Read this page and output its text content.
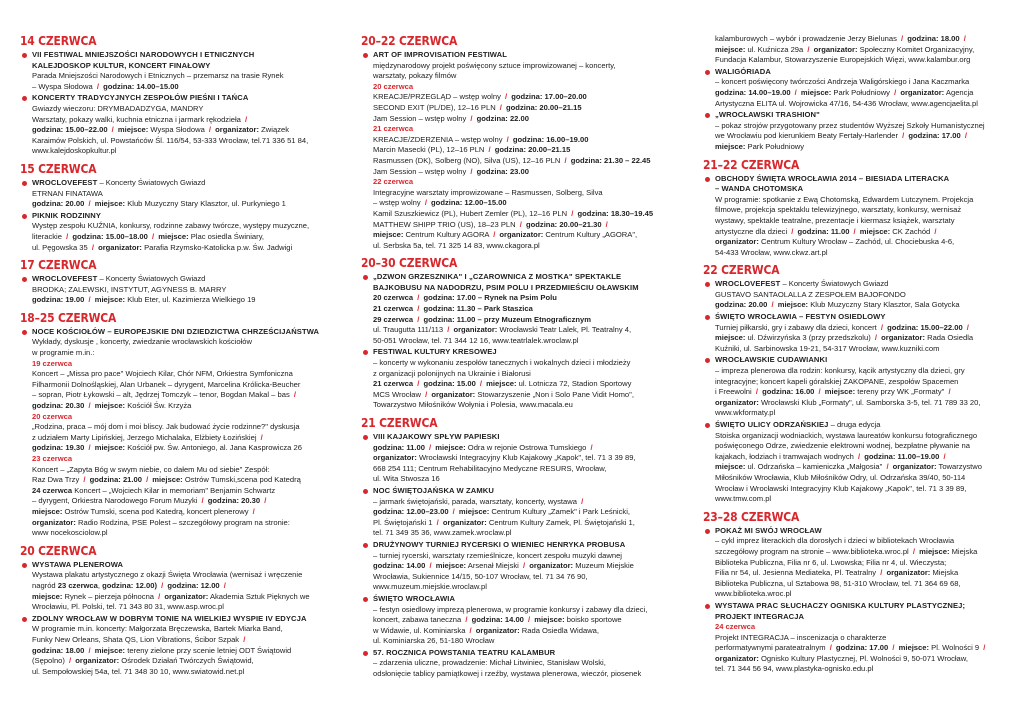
14 CZERWCA
VII FESTIWAL MNIEJSZOŚCI NARODOWYCH I ETNICZNYCH
KALEJDOSKOP KULTUR, KONCERT FINAŁOWY
Parada Mniejszości Narodowych i Etnicznych – przemarsz na trasie Rynek
– Wyspa Słodowa / godzina: 14.00–15.00
KONCERTY TRADYCYJNYCH ZESPOŁÓW PIEŚNI I TAŃCA
Gwiazdy wieczoru: DRYMBADADZYGA, MANDRY
Warsztaty, pokazy walki, kuchnia etniczna i jarmark rękodzieła /
godzina: 15.00–22.00 / miejsce: Wyspa Słodowa / organizator: Związek
Karaimów Polskich, ul. Powstańców Śl. 116/54, 53-333 Wrocław, tel.71 336 51 84,
www.kalejdoskopkultur.pl
15 CZERWCA
WROCLOVEFEST – Koncerty Światowych Gwiazd
ETRNAN FINATAWA
godzina: 20.00 / miejsce: Klub Muzyczny Stary Klasztor, ul. Purkyniego 1
PIKNIK RODZINNY
Występ zespołu KUŹNIA, konkursy, rodzinne zabawy twórcze, występy muzyczne,
literackie / godzina: 15.00–18.00 / miejsce: Plac osiedla Świniary,
ul. Pęgowska 35 / organizator: Parafia Rzymsko-Katolicka p.w. Św. Jadwigi
17 CZERWCA
WROCLOVEFEST – Koncerty Światowych Gwiazd
BRODKA; ZALEWSKI, INSTYTUT, AGYNESS B. MARRY
godzina: 19.00 / miejsce: Klub Eter, ul. Kazimierza Wielkiego 19
18–25 CZERWCA
NOCE KOŚCIOŁÓW – EUROPEJSKIE DNI DZIEDZICTWA CHRZEŚCIJAŃSTWA
Wykłady, dyskusje , koncerty, zwiedzanie wrocławskich kościołów
w programie m.in.:
19 czerwca
Koncert – „Missa pro pace" Wojciech Kilar, Chór NFM, Orkiestra Symfoniczna
Filharmonii Dolnośląskiej, Alan Urbanek – dyrygent, Marcelina Królicka-Beucher
– sopran, Piotr Łykowski – alt, Jędrzej Tomczyk – tenor, Bogdan Makal – bas /
godzina: 20.30 / miejsce: Kościół Św. Krzyża
20 czerwca
„Rodzina, praca – mój dom i moi bliscy. Jak budować życie rodzinne?" dyskusja
z udziałem Marty Lipińskiej, Jerzego Michalaka, Elżbiety Łozińskiej /
godzina: 19.30 / miejsce: Kościół pw. Św. Antoniego, al. Jana Kasprowicza 26
23 czerwca
Koncert – „Zapyta Bóg w swym niebie, co dałem Mu od siebie" Zespół:
Raz Dwa Trzy / godzina: 21.00 / miejsce: Ostrów Tumski,scena pod Katedrą
24 czerwca Koncert – „Wojciech Kilar in memoriam" Benjamin Schwartz
– dyrygent, Orkiestra Narodowego Forum Muzyki / godzina: 20.30 /
miejsce: Ostrów Tumski, scena pod Katedrą, koncert plenerowy /
organizator: Radio Rodzina, PSE Polest – szczegółowy program na stronie:
www nocekosciolow.pl
20 CZERWCA
WYSTAWA PLENEROWA
Wystawa plakatu artystycznego z okazji Święta Wrocławia (wernisaż i wręczenie
nagród 23 czerwca, godzina: 12.00) / godzina: 12.00 /
miejsce: Rynek – pierzeja północna / organizator: Akademia Sztuk Pięknych we
Wrocławiu, Pl. Polski, tel. 71 343 80 31, www.asp.wroc.pl
ZDOLNY WROCŁAW W DOBRYM TONIE NA WIELKIEJ WYSPIE IV EDYCJA
W programie m.in. koncerty: Małgorzata Bręczewska, Bartek Miarka Band,
Funky New Orleans, Shata QS, Lion Vibrations, Ścibor Szpak /
godzina: 18.00 / miejsce: tereny zielone przy scenie letniej ODT Świątowid
(Sępolno) / organizator: Ośrodek Działań Twórczych Świątowid,
ul. Sempołowskiej 54a, tel. 71 348 30 10, www.swiatowid.net.pl
20–22 CZERWCA
ART OF IMPROVISATION FESTIWAL
międzynarodowy projekt poświęcony sztuce improwizowanej – koncerty,
warsztaty, pokazy filmów
20 czerwca
KREACJE/PRZEGLĄD – wstęp wolny / godzina: 17.00–20.00
SECOND EXIT (PL/DE), 12–16 PLN / godzina: 20.00–21.15
Jam Session – wstęp wolny / godzina: 22.00
21 czerwca
KREACJE/ZDERZENIA – wstęp wolny / godzina: 16.00–19.00
Marcin Masecki (PL), 12–16 PLN / godzina: 20.00–21.15
Rasmussen (DK), Solberg (NO), Silva (US), 12–16 PLN / godzina: 21.30 – 22.45
Jam Session – wstęp wolny / godzina: 23.00
22 czerwca
Integracyjne warsztaty improwizowane – Rasmussen, Solberg, Silva
– wstęp wolny / godzina: 12.00–15.00
Kamil Szuszkiewicz (PL), Hubert Zemler (PL), 12–16 PLN / godzina: 18.30–19.45
MATTHEW SHIPP TRIO (US), 18–23 PLN / godzina: 20.00–21.30 /
miejsce: Centrum Kultury AGORA / organizator: Centrum Kultury „AGORA",
ul. Serbska 5a, tel. 71 325 14 83, www.ckagora.pl
20–30 CZERWCA
„DZWON GRZESZNIKA" I „CZAROWNICA Z MOSTKA" SPEKTAKLE
BAJKOBUSU NA NADODRZU, PSIM POLU I PRZEDMIEŚCIU OŁAWSKIM
20 czerwca / godzina: 17.00 – Rynek na Psim Polu
21 czerwca / godzina: 11.30 – Park Staszica
29 czerwca / godzina: 11.00 – przy Muzeum Etnograficznym
ul. Traugutta 111/113 / organizator: Wrocławski Teatr Lalek, Pl. Teatralny 4,
50-051 Wrocław, tel. 71 344 12 16, www.teatrlalek.wroclaw.pl
FESTIWAL KULTURY KRESOWEJ
– koncerty w wykonaniu zespołów tanecznych i wokalnych dzieci i młodzieży
z organizacji polonijnych na Ukrainie i Białorusi
21 czerwca / godzina: 15.00 / miejsce: ul. Lotnicza 72, Stadion Sportowy
MCS Wrocław / organizator: Stowarzyszenie „Non i Solo Pane Vidit Homo",
Towarzystwo Miłośników Wołynia i Polesia, www.macala.eu
21 CZERWCA
VIII KAJAKOWY SPŁYW PAPIESKI
godzina: 11.00 / miejsce: Odra w rejonie Ostrowa Tumskiego /
organizator: Wrocławski Integracyjny Klub Kajakowy „Kapok", tel. 71 3 39 89,
668 254 111; Centrum Rehabilitacyjno Medyczne RESURS, Wrocław,
ul. Wita Stwosza 16
NOC ŚWIĘTOJAŃSKA W ZAMKU
– jarmark świętojański, parada, warsztaty, koncerty, wystawa /
godzina: 12.00–23.00 / miejsce: Centrum Kultury „Zamek" i Park Leśnicki,
Pl. Świętojański 1 / organizator: Centrum Kultury Zamek, Pl. Świętojański 1,
tel. 71 349 35 36, www.zamek.wroclaw.pl
DRUŻYNOWY TURNIEJ RYCERSKI O WIENIEC HENRYKA PROBUSA
– turniej rycerski, warsztaty rzemieślnicze, koncert zespołu muzyki dawnej
godzina: 14.00 / miejsce: Arsenał Miejski / organizator: Muzeum Miejskie
Wrocławia, Sukiennice 14/15, 50-107 Wrocław, tel. 71 34 76 90,
www.muzeum.miejskie.wroclaw.pl
ŚWIĘTO WROCŁAWIA
– festyn osiedlowy imprezą plenerowa, w programie konkursy i zabawy dla dzieci,
koncert, zabawa taneczna / godzina: 14.00 / miejsce: boisko sportowe
w Widawie, ul. Kominiarska / organizator: Rada Osiedla Widawa,
ul. Kominiarska 26, 51-180 Wrocław
57. ROCZNICA POWSTANIA TEATRU KALAMBUR
– zdarzenia uliczne, prowadzenie: Michał Litwiniec, Stanisław Wolski,
odsłonięcie tablicy pamiątkowej i rzeźby, wystawa plenerowa, wieczór, piosenek
kalamburowych – wybór i prowadzenie Jerzy Bielunas / godzina: 18.00 /
miejsce: ul. Kuźnicza 29a / organizator: Społeczny Komitet Organizacyjny,
Fundacja Kalambur, Stowarzyszenie Europejskich Więzi, www.kalambur.org
WALIGÓRIADA
– koncert poświęcony twórczości Andrzeja Waligórskiego i Jana Kaczmarka
godzina: 14.00–19.00 / miejsce: Park Południowy / organizator: Agencja
Artystyczna ELITA ul. Wojrowicka 47/16, 54-436 Wrocław, www.agencjaelita.pl
„WROCŁAWSKI TRASHION"
– pokaz strojów przygotowany przez studentów Wyższej Szkoły Humanistycznej
we Wrocławiu pod kierunkiem Beaty Fertały-Harlender / godzina: 17.00 /
miejsce: Park Południowy
21–22 CZERWCA
OBCHODY ŚWIĘTA WROCŁAWIA 2014 – BIESIADA LITERACKA
– WANDA CHOTOMSKA
W programie: spotkanie z Ewą Chotomską, Edwardem Lutczynem. Projekcja
filmowe, projekcja spektaklu telewizyjnego, warsztaty, konkursy, wernisaż
wystawy, spektakle teatralne, prezentacje i kiermasz książek, warsztaty
artystyczne dla dzieci / godzina: 11.00 / miejsce: CK Zachód /
organizator: Centrum Kultury Wrocław – Zachód, ul. Chociebuska 4-6,
54-433 Wrocław, www.ckwz.art.pl
22 CZERWCA
WROCLOVEFEST – Koncerty Światowych Gwiazd
GUSTAVO SANTAOLALLA Z ZESPOŁEM BAJOFONDO
godzina: 20.00 / miejsce: Klub Muzyczny Stary Klasztor, Sala Gotycka
ŚWIĘTO WROCŁAWIA – FESTYN OSIEDLOWY
Turniej piłkarski, gry i zabawy dla dzieci, koncert / godzina: 15.00–22.00 /
miejsce: ul. Dźwirzyńska 3 (przy przedszkolu) / organizator: Rada Osiedla
Kuźniki, ul. Sarbinowska 19-21, 54-317 Wrocław, www.kuzniki.com
WROCŁAWSKIE CUDAWIANKI
– impreza plenerowa dla rodzin: konkursy, kącik artystyczny dla dzieci, gry
integracyjne; koncert kapeli góralskiej ZAKOPANE, zespołów Spacemen
i Freewolni / godzina: 16.00 / miejsce: tereny przy WK „Formaty" /
organizator: Wrocławski Klub „Formaty", ul. Samborska 3-5, tel. 71 789 33 20,
www.wkformaty.pl
ŚWIĘTO ULICY ODRZAŃSKIEJ – druga edycja
Stoiska organizacji wodniackich, wystawa laureatów konkursu fotograficznego
poświęconego Odrze, zwiedzenie elektrowni wodnej, bezpłatne pływanie na
kajakach, łodziach i tramwajach wodnych / godzina: 11.00–19.00 /
miejsce: ul. Odrzańska – kamieniczka „Małgosia" / organizator: Towarzystwo
Miłośników Wrocławia, Klub Miłośników Odry, ul. Odrzańska 39/40, 50-114
Wrocław i Wrocławski Integracyjny Klub Kajakowy „Kapok", tel. 71 3 39 89,
www.tmw.com.pl
23–28 CZERWCA
POKAŻ MI SWÓJ WROCŁAW
– cykl imprez literackich dla dorosłych i dzieci w bibliotekach Wrocławia
szczegółowy program na stronie – www.biblioteka.wroc.pl / miejsce: Miejska
Biblioteka Publiczna, Filia nr 6, ul. Lwowska; Filia nr 4, ul. Wieczysta;
Filia nr 54, ul. Jesienna Mediateka, Pl. Teatralny / organizator: Miejska
Biblioteka Publiczna, ul Sztabowa 98, 51-310 Wrocław, tel. 71 364 69 68,
www.biblioteka.wroc.pl
WYSTAWA PRAC SŁUCHACZY OGNISKA KULTURY PLASTYCZNEJ;
PROJEKT INTEGRACJA
24 czerwca
Projekt INTEGRACJA – inscenizacja o charakterze
performatywnymi parateatralnym / godzina: 17.00 / miejsce: Pl. Wolności 9 /
organizator: Ognisko Kultury Plastycznej, Pl. Wolności 9, 50-071 Wrocław,
tel. 71 344 56 94, www.plastyka-ognisko.edu.pl
